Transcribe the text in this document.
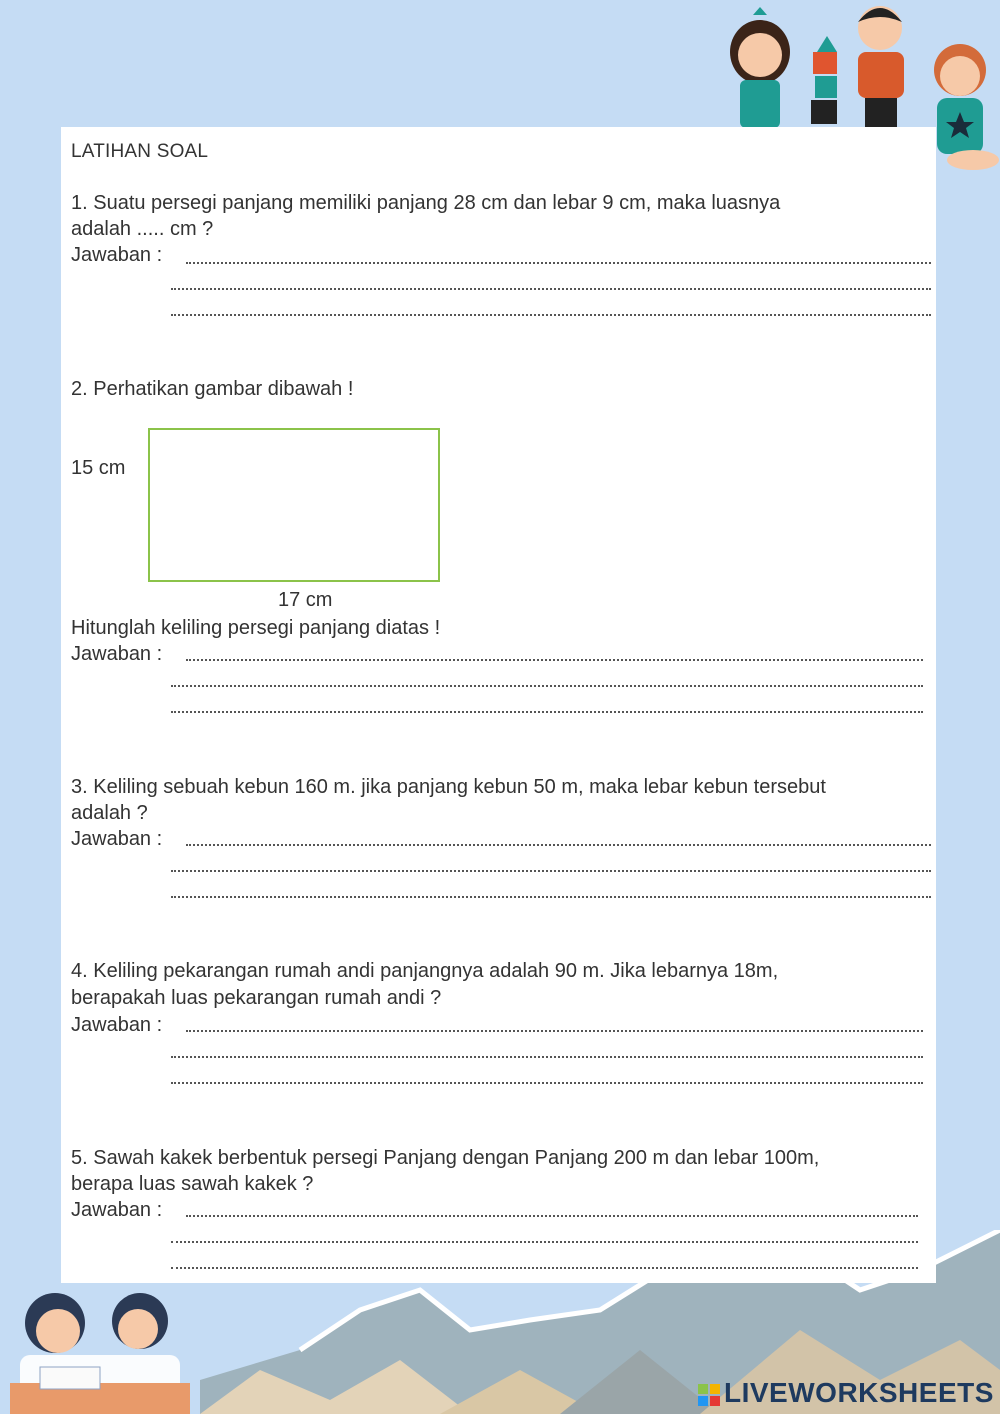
LATIHAN SOAL
1. Suatu persegi panjang memiliki panjang 28 cm dan lebar 9 cm, maka luasnya
adalah ..... cm ?
Jawaban :
2. Perhatikan gambar dibawah !
15 cm
17 cm
Hitunglah keliling persegi panjang diatas !
Jawaban :
3. Keliling sebuah kebun 160 m. jika panjang kebun 50 m, maka lebar kebun tersebut
adalah ?
Jawaban :
4. Keliling pekarangan rumah andi panjangnya adalah 90 m. Jika lebarnya 18m,
berapakah luas pekarangan rumah andi ?
Jawaban :
5. Sawah kakek berbentuk persegi Panjang dengan Panjang 200 m dan lebar 100m,
berapa luas sawah kakek ?
Jawaban :
LIVEWORKSHEETS
